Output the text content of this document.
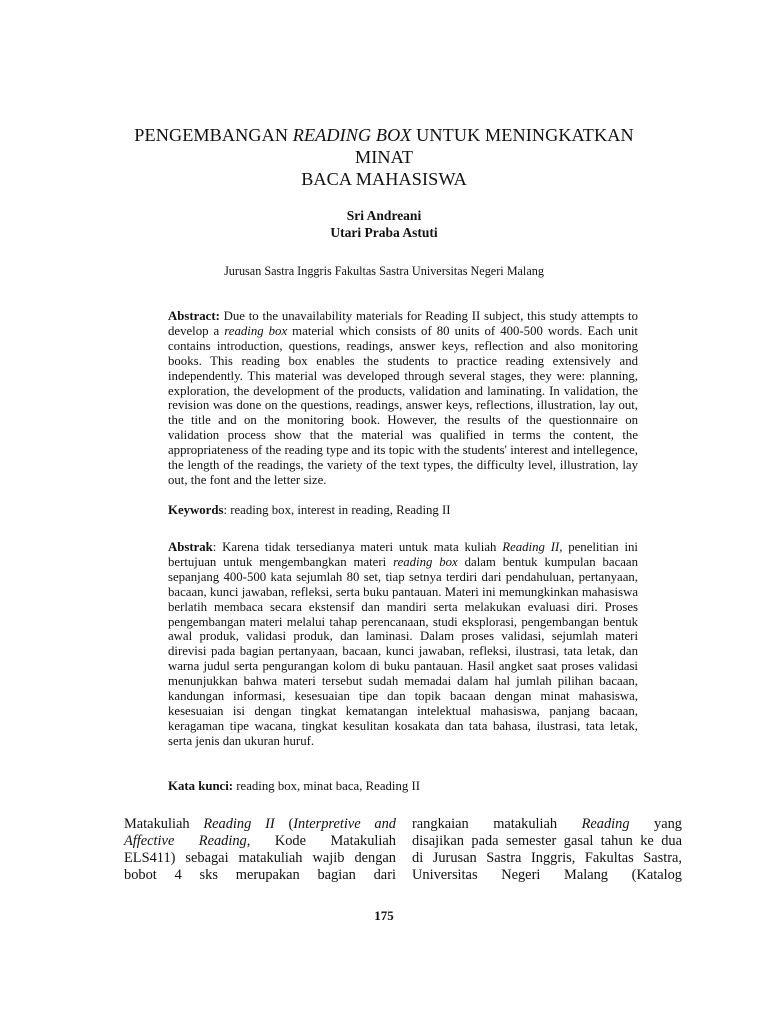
PENGEMBANGAN READING BOX UNTUK MENINGKATKAN MINAT
BACA MAHASISWA
Sri Andreani
Utari Praba Astuti
Jurusan Sastra Inggris Fakultas Sastra Universitas Negeri Malang
Abstract: Due to the unavailability materials for Reading II subject, this study attempts to develop a reading box material which consists of 80 units of 400-500 words. Each unit contains introduction, questions, readings, answer keys, reflection and also monitoring books. This reading box enables the students to practice reading extensively and independently. This material was developed through several stages, they were: planning, exploration, the development of the products, validation and laminating. In validation, the revision was done on the questions, readings, answer keys, reflections, illustration, lay out, the title and on the monitoring book. However, the results of the questionnaire on validation process show that the material was qualified in terms the content, the appropriateness of the reading type and its topic with the students' interest and intellegence, the length of the readings, the variety of the text types, the difficulty level, illustration, lay out, the font and the letter size.
Keywords: reading box, interest in reading, Reading II
Abstrak: Karena tidak tersedianya materi untuk mata kuliah Reading II, penelitian ini bertujuan untuk mengembangkan materi reading box dalam bentuk kumpulan bacaan sepanjang 400-500 kata sejumlah 80 set, tiap setnya terdiri dari pendahuluan, pertanyaan, bacaan, kunci jawaban, refleksi, serta buku pantauan. Materi ini memungkinkan mahasiswa berlatih membaca secara ekstensif dan mandiri serta melakukan evaluasi diri. Proses pengembangan materi melalui tahap perencanaan, studi eksplorasi, pengembangan bentuk awal produk, validasi produk, dan laminasi. Dalam proses validasi, sejumlah materi direvisi pada bagian pertanyaan, bacaan, kunci jawaban, refleksi, ilustrasi, tata letak, dan warna judul serta pengurangan kolom di buku pantauan. Hasil angket saat proses validasi menunjukkan bahwa materi tersebut sudah memadai dalam hal jumlah pilihan bacaan, kandungan informasi, kesesuaian tipe dan topik bacaan dengan minat mahasiswa, kesesuaian isi dengan tingkat kematangan intelektual mahasiswa, panjang bacaan, keragaman tipe wacana, tingkat kesulitan kosakata dan tata bahasa, ilustrasi, tata letak, serta jenis dan ukuran huruf.
Kata kunci: reading box, minat baca, Reading II
Matakuliah Reading II (Interpretive and
Affective Reading, Kode Matakuliah
ELS411) sebagai matakuliah wajib dengan
bobot 4 sks merupakan bagian dari
rangkaian matakuliah Reading yang
disajikan pada semester gasal tahun ke dua
di Jurusan Sastra Inggris, Fakultas Sastra,
Universitas Negeri Malang (Katalog
175
